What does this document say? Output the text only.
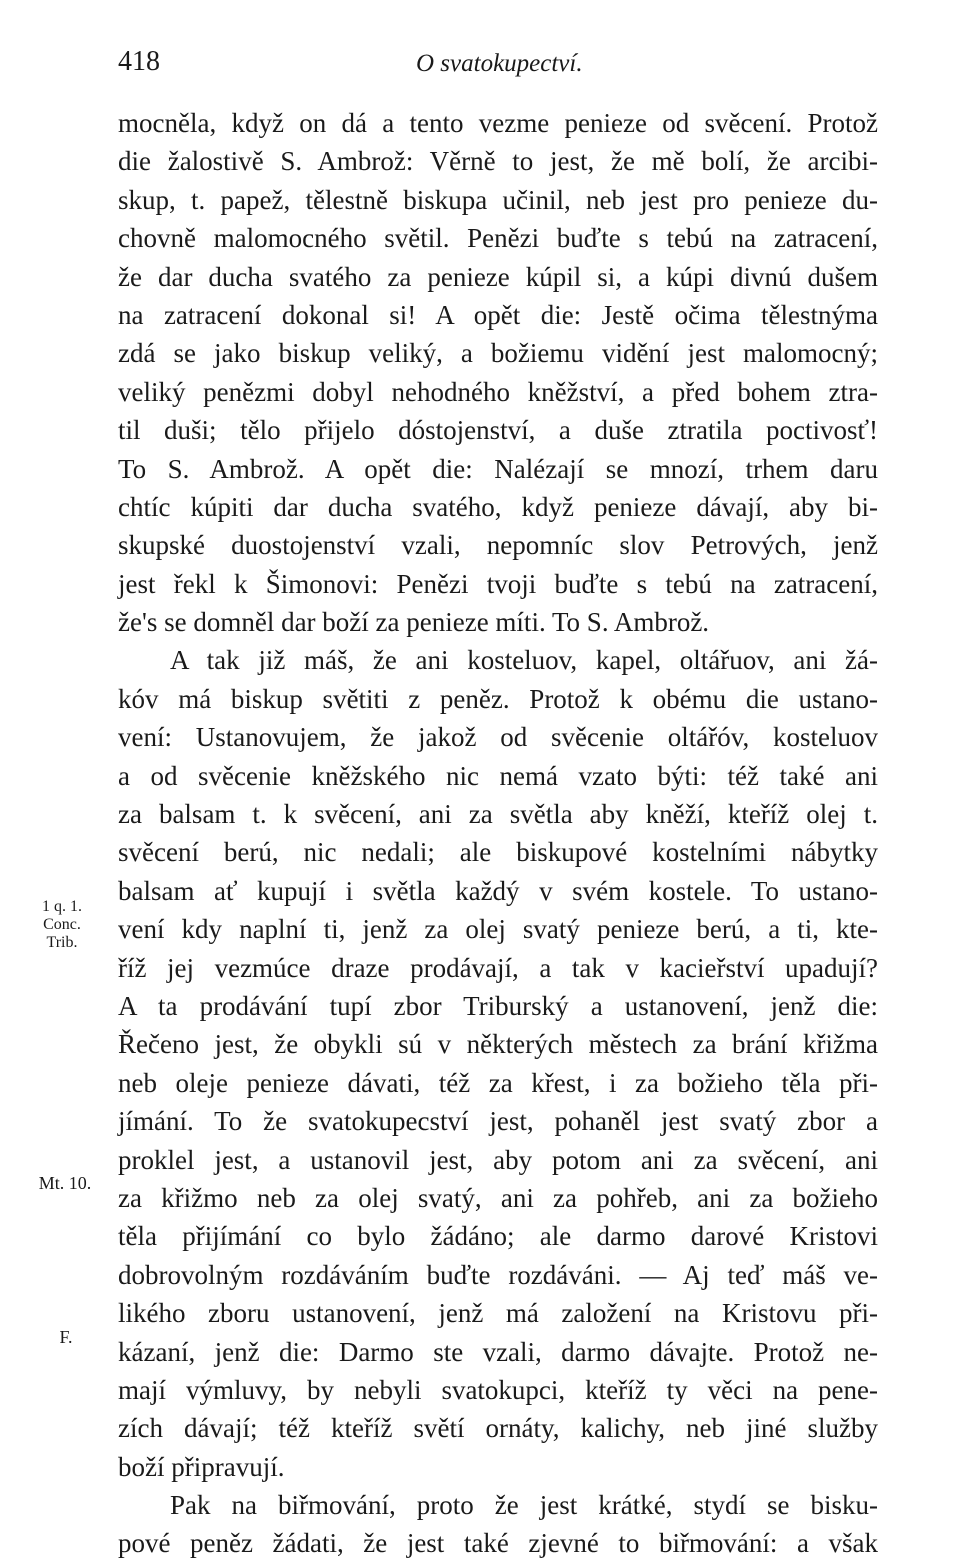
418	O svatokupectví.
mocněla, když on dá a tento vezme penieze od svěcení. Protož
die žalostivě S. Ambrož: Věrně to jest, že mě bolí, že arcibi-
skup, t. papež, tělestně biskupa učinil, neb jest pro penieze du-
chovně malomocného světil. Penězi buďte s tebú na zatracení,
že dar ducha svatého za penieze kúpil si, a kúpi divnú dušem
na zatracení dokonal si! A opět die: Jestě očima tělestnýma
zdá se jako biskup veliký, a božiemu vidění jest malomocný;
veliký penězmi dobyl nehodného kněžství, a před bohem ztra-
til duši; tělo přijelo dóstojenství, a duše ztratila poctivosť!
To S. Ambrož. A opět die: Nalézají se mnozí, trhem daru
chtíc kúpiti dar ducha svatého, když penieze dávají, aby bi-
skupské duostojenství vzali, nepomníc slov Petrových, jenž
jest řekl k Šimonovi: Penězi tvoji buďte s tebú na zatracení,
že's se domněl dar boží za penieze míti. To S. Ambrož.
A tak již máš, že ani kosteluov, kapel, oltářuov, ani žá-
kóv má biskup světiti z peněz. Protož k obému die ustano-
vení: Ustanovujem, že jakož od svěcenie oltářóv, kosteluov
a od svěcenie kněžského nic nemá vzato býti: též také ani
za balsam t. k svěcení, ani za světla aby kněží, kteříž olej t.
svěcení berú, nic nedali; ale biskupové kostelními nábytky
balsam ať kupují i světla každý v svém kostele. To ustano-
vení kdy naplní ti, jenž za olej svatý penieze berú, a ti, kte-
říž jej vezmúce draze prodávají, a tak v kacieřství upadují?
A ta prodávání tupí zbor Triburský a ustanovení, jenž die:
Řečeno jest, že obykli sú v některých městech za brání křižma
neb oleje penieze dávati, též za křest, i za božieho těla při-
jímání. To že svatokupecství jest, pohaněl jest svatý zbor a
proklel jest, a ustanovil jest, aby potom ani za svěcení, ani
za křižmo neb za olej svatý, ani za pohřeb, ani za božieho
těla přijímání co bylo žádáno; ale darmo darové Kristovi
dobrovolným rozdáváním buďte rozdáváni. — Aj teď máš ve-
likého zboru ustanovení, jenž má založení na Kristovu při-
kázaní, jenž die: Darmo ste vzali, darmo dávajte. Protož ne-
mají výmluvy, by nebyli svatokupci, kteříž ty věci na pene-
zích dávají; též kteříž světí ornáty, kalichy, neb jiné služby
boží připravují.
Pak na biřmování, proto že jest krátké, stydí se bisku-
pové peněz žádati, že jest také zjevné to biřmování: a však
1 q. 1.
Conc.
Trib.
Mt. 10.
F.
